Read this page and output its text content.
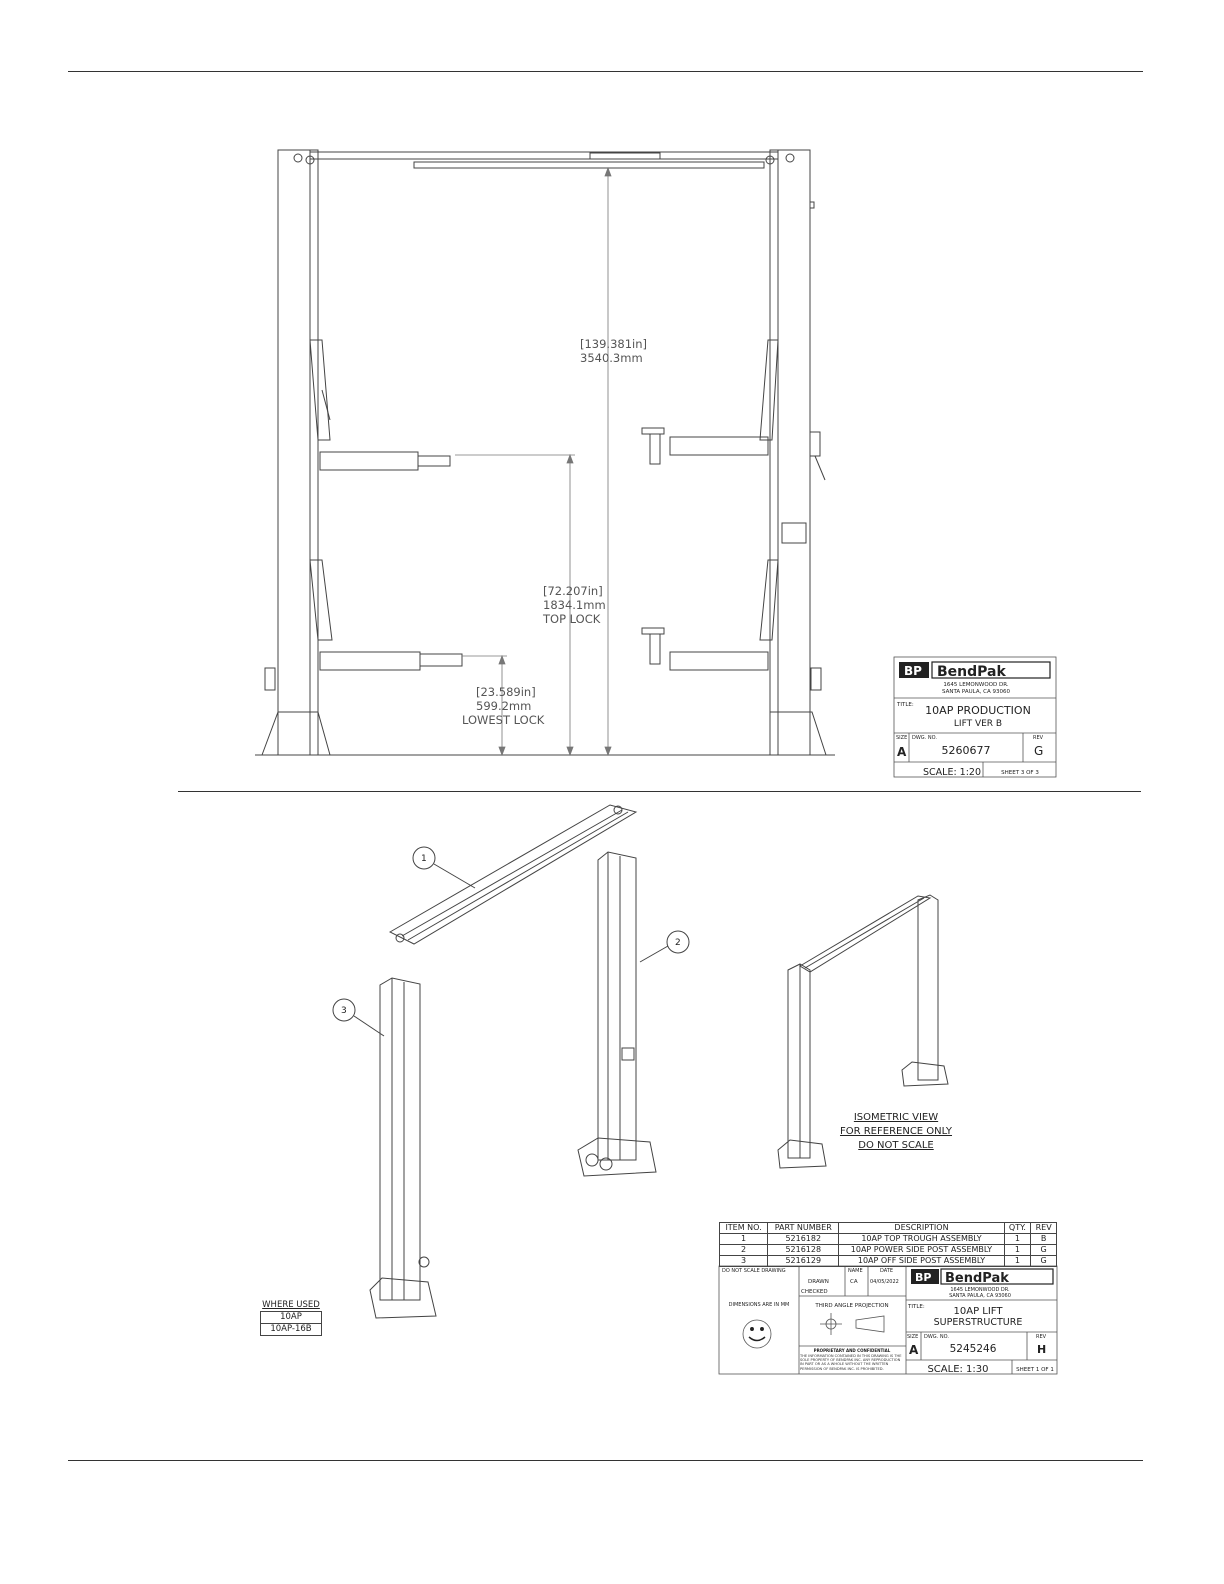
[139.381in]
3540.3mm
[72.207in]
1834.1mm
TOP LOCK
[23.589in]
599.2mm
LOWEST LOCK
BP BendPak
1645 LEMONWOOD DR.
SANTA PAULA, CA 93060
TITLE: 10AP PRODUCTION
LIFT VER B
SIZE
A
DWG. NO.
5260677
REV
G
SCALE: 1:20	SHEET 3 OF 3
1
2
3
ISOMETRIC VIEW
FOR REFERENCE ONLY
DO NOT SCALE
DO NOT SCALE DRAWING
DIMENSIONS ARE IN MM
NAME	DATE
DRAWN	CA 04/05/2022
CHECKED
THIRD ANGLE PROJECTION
PROPRIETARY AND CONFIDENTIAL
THE INFORMATION CONTAINED IN THIS DRAWING IS THE SOLE PROPERTY OF BENDPAK INC. ANY REPRODUCTION IN PART OR AS A WHOLE WITHOUT THE WRITTEN PERMISSION OF BENDPAK INC. IS PROHIBITED.
BP BendPak
1645 LEMONWOOD DR.
SANTA PAULA, CA 93060
TITLE:	10AP LIFT
SUPERSTRUCTURE
SIZE
A
DWG. NO.
5245246
REV
H
SCALE: 1:30	SHEET 1 OF 1
ITEM NO.	PART NUMBER	DESCRIPTION	QTY.	REV
1	5216182	10AP TOP TROUGH ASSEMBLY	1	B
2	5216128	10AP POWER SIDE POST ASSEMBLY	1	G
3	5216129	10AP OFF SIDE POST ASSEMBLY	1	G
WHERE USED
10AP
10AP-16B
